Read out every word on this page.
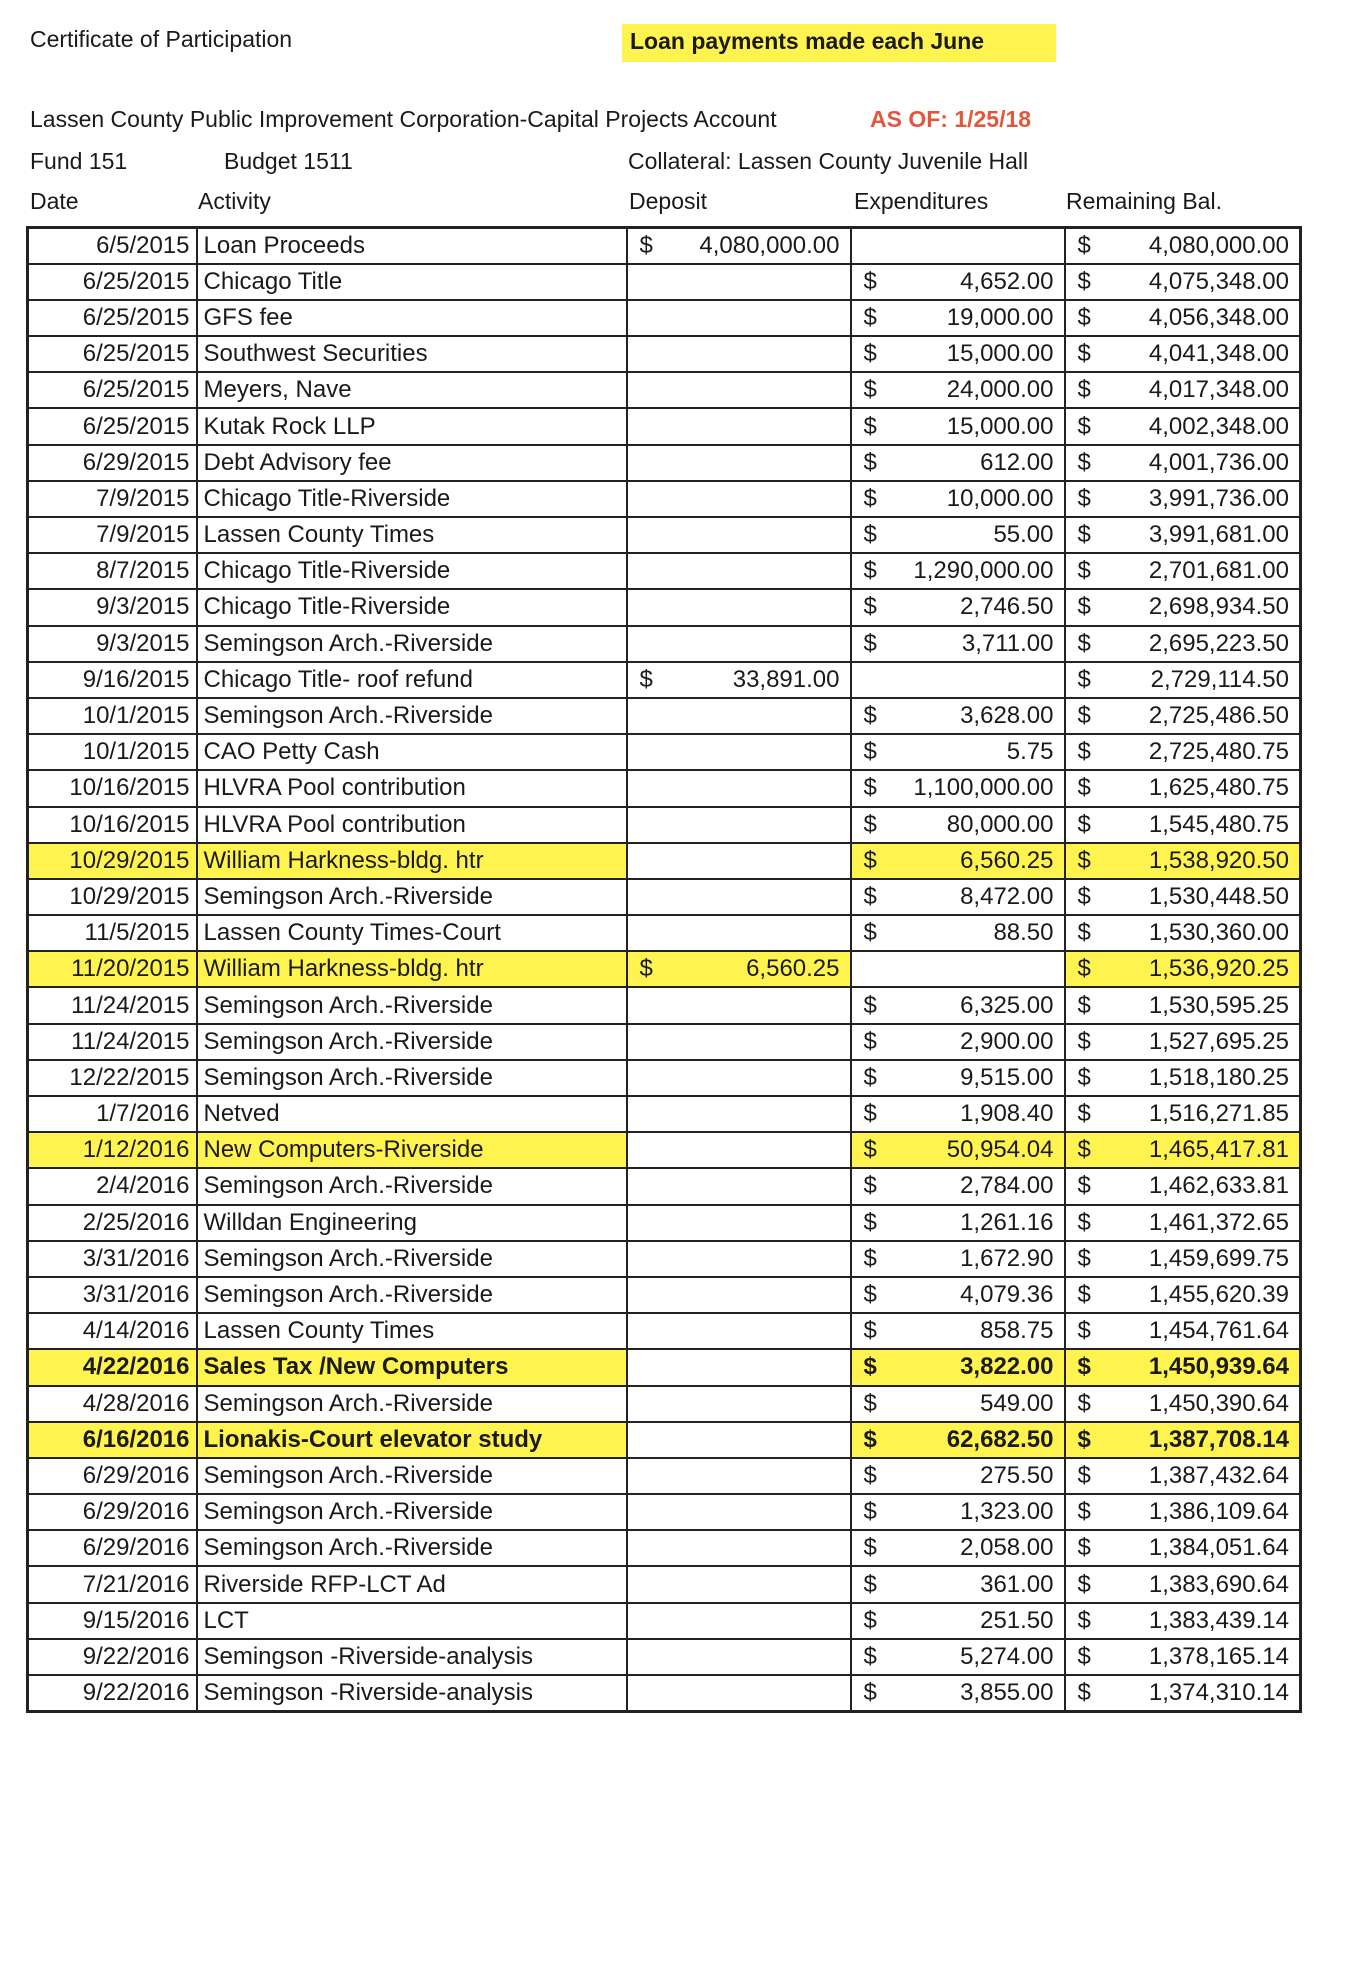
Certificate of Participation	Loan payments made each June
Lassen County Public Improvement Corporation-Capital Projects Account	AS OF: 1/25/18
Fund 151	Budget 1511	Collateral: Lassen County Juvenile Hall
Date	Activity	Deposit	Expenditures	Remaining Bal.
6/5/2015	Loan Proceeds	$ 4,080,000.00		$ 4,080,000.00

6/25/2015	Chicago Title		$ 4,652.00	$ 4,075,348.00

6/25/2015	GFS fee		$ 19,000.00	$ 4,056,348.00

6/25/2015	Southwest Securities		$ 15,000.00	$ 4,041,348.00

6/25/2015	Meyers, Nave		$ 24,000.00	$ 4,017,348.00

6/25/2015	Kutak Rock LLP		$ 15,000.00	$ 4,002,348.00

6/29/2015	Debt Advisory fee		$ 612.00	$ 4,001,736.00

7/9/2015	Chicago Title-Riverside		$ 10,000.00	$ 3,991,736.00

7/9/2015	Lassen County Times		$ 55.00	$ 3,991,681.00

8/7/2015	Chicago Title-Riverside		$ 1,290,000.00	$ 2,701,681.00

9/3/2015	Chicago Title-Riverside		$ 2,746.50	$ 2,698,934.50

9/3/2015	Semingson Arch.-Riverside		$ 3,711.00	$ 2,695,223.50

9/16/2015	Chicago Title- roof refund	$ 33,891.00		$ 2,729,114.50

10/1/2015	Semingson Arch.-Riverside		$ 3,628.00	$ 2,725,486.50

10/1/2015	CAO Petty Cash		$ 5.75	$ 2,725,480.75

10/16/2015	HLVRA Pool contribution		$ 1,100,000.00	$ 1,625,480.75

10/16/2015	HLVRA Pool contribution		$ 80,000.00	$ 1,545,480.75

10/29/2015	William Harkness-bldg. htr		$ 6,560.25	$ 1,538,920.50

10/29/2015	Semingson Arch.-Riverside		$ 8,472.00	$ 1,530,448.50

11/5/2015	Lassen County Times-Court		$ 88.50	$ 1,530,360.00

11/20/2015	William Harkness-bldg. htr	$ 6,560.25		$ 1,536,920.25

11/24/2015	Semingson Arch.-Riverside		$ 6,325.00	$ 1,530,595.25

11/24/2015	Semingson Arch.-Riverside		$ 2,900.00	$ 1,527,695.25

12/22/2015	Semingson Arch.-Riverside		$ 9,515.00	$ 1,518,180.25

1/7/2016	Netved		$ 1,908.40	$ 1,516,271.85

1/12/2016	New Computers-Riverside		$ 50,954.04	$ 1,465,417.81

2/4/2016	Semingson Arch.-Riverside		$ 2,784.00	$ 1,462,633.81

2/25/2016	Willdan Engineering		$ 1,261.16	$ 1,461,372.65

3/31/2016	Semingson Arch.-Riverside		$ 1,672.90	$ 1,459,699.75

3/31/2016	Semingson Arch.-Riverside		$ 4,079.36	$ 1,455,620.39

4/14/2016	Lassen County Times		$ 858.75	$ 1,454,761.64

4/22/2016	Sales Tax /New Computers		$ 3,822.00	$ 1,450,939.64

4/28/2016	Semingson Arch.-Riverside		$ 549.00	$ 1,450,390.64

6/16/2016	Lionakis-Court elevator study		$ 62,682.50	$ 1,387,708.14

6/29/2016	Semingson Arch.-Riverside		$ 275.50	$ 1,387,432.64

6/29/2016	Semingson Arch.-Riverside		$ 1,323.00	$ 1,386,109.64

6/29/2016	Semingson Arch.-Riverside		$ 2,058.00	$ 1,384,051.64

7/21/2016	Riverside RFP-LCT Ad		$ 361.00	$ 1,383,690.64

9/15/2016	LCT		$ 251.50	$ 1,383,439.14

9/22/2016	Semingson -Riverside-analysis		$ 5,274.00	$ 1,378,165.14

9/22/2016	Semingson -Riverside-analysis		$ 3,855.00	$ 1,374,310.14
